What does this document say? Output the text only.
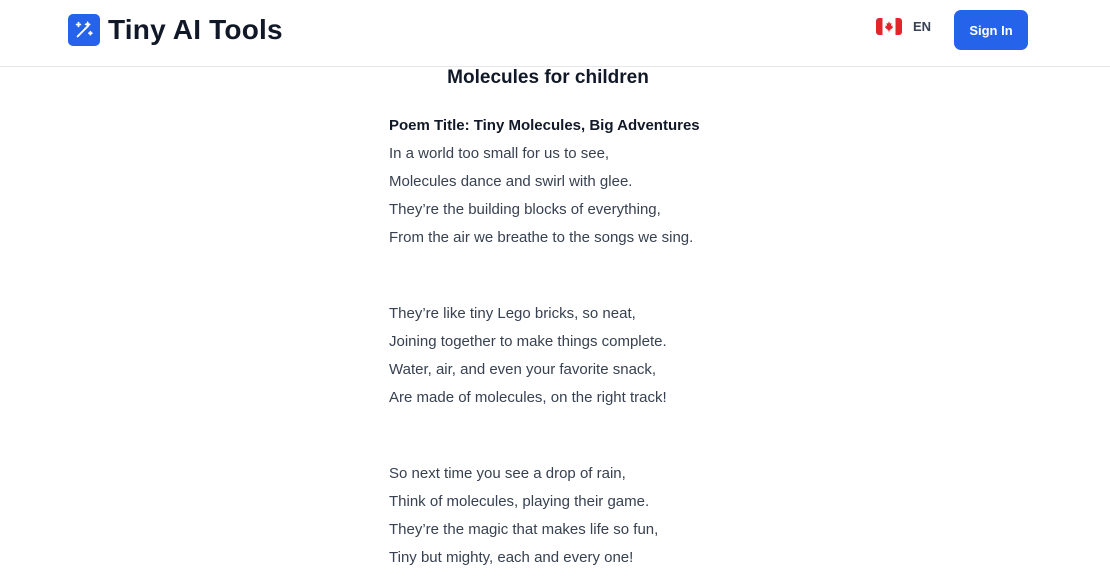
Tiny AI Tools	EN	Sign In
Molecules for children
Poem Title: Tiny Molecules, Big Adventures
In a world too small for us to see,
Molecules dance and swirl with glee.
They’re the building blocks of everything,
From the air we breathe to the songs we sing.
They’re like tiny Lego bricks, so neat,
Joining together to make things complete.
Water, air, and even your favorite snack,
Are made of molecules, on the right track!
So next time you see a drop of rain,
Think of molecules, playing their game.
They’re the magic that makes life so fun,
Tiny but mighty, each and every one!
